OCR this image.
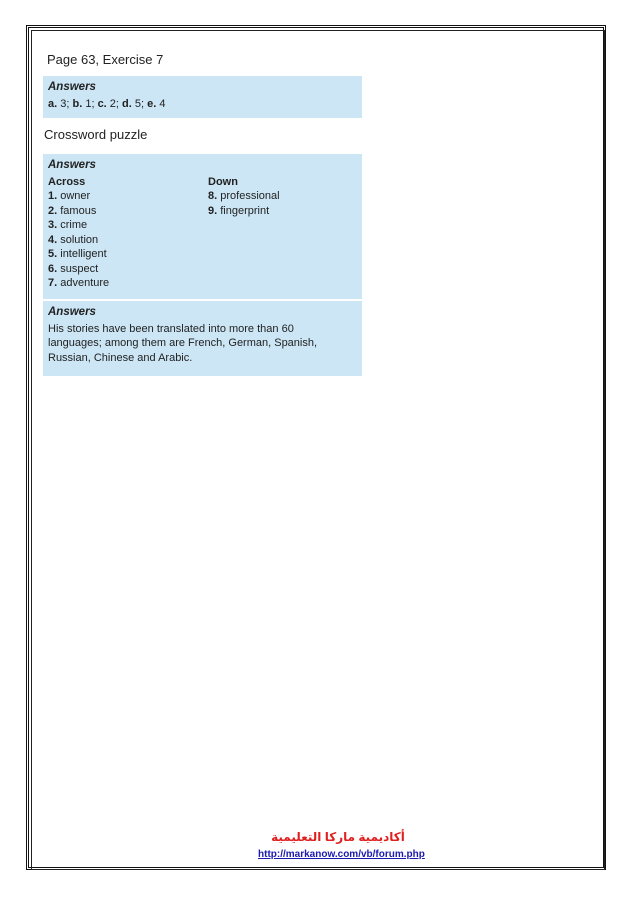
Page 63, Exercise 7
Answers
a. 3; b. 1; c. 2; d. 5; e. 4
Crossword puzzle
Answers
Across
1. owner
2. famous
3. crime
4. solution
5. intelligent
6. suspect
7. adventure
Down
8. professional
9. fingerprint
Answers
His stories have been translated into more than 60
languages; among them are French, German, Spanish,
Russian, Chinese and Arabic.
أكاديمية ماركا التعليمية
http://markanow.com/vb/forum.php
